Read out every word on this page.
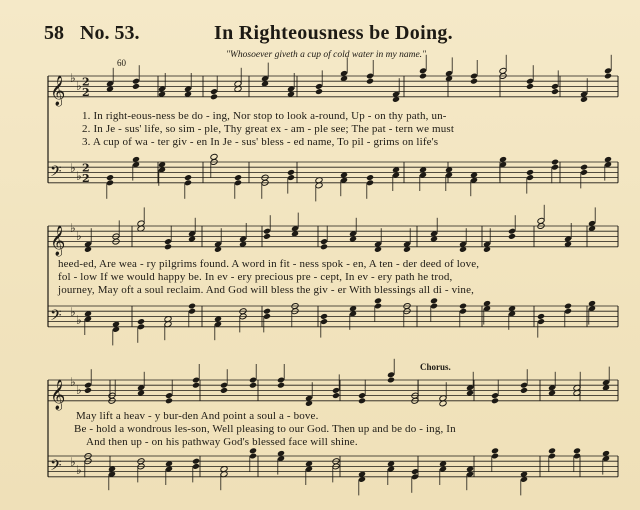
58 No. 53.	In Righteousness be Doing.
"Whosoever giveth a cup of cold water in my name."
60
𝄞 ♭
♭ 2
2
𝄢 ♭
♭
2
2
𝄞 ♭
♭
𝄢 ♭
♭
𝄞 ♭
♭
𝄢 ♭
♭
1. In right-eous-ness be do - ing, Nor stop to look a-round, Up - on thy path, un-
2. In Je - sus' life, so sim - ple, Thy great ex - am - ple see; The pat - tern we must
3. A cup of wa - ter giv - en In Je - sus' bless - ed name, To pil - grims on life's
heed-ed, Are wea - ry pilgrims found. A word in fit - ness spok - en, A ten - der deed of love,
fol - low If we would happy be. In ev - ery precious pre - cept, In ev - ery path he trod,
journey, May oft a soul reclaim. And God will bless the giv - er With blessings all di - vine,
Chorus.
May lift a heav - y bur-den And point a soul a - bove.
Be - hold a wondrous les-son, Well pleasing to our God. Then up and be do - ing, In
And then up - on his pathway God's blessed face will shine.
